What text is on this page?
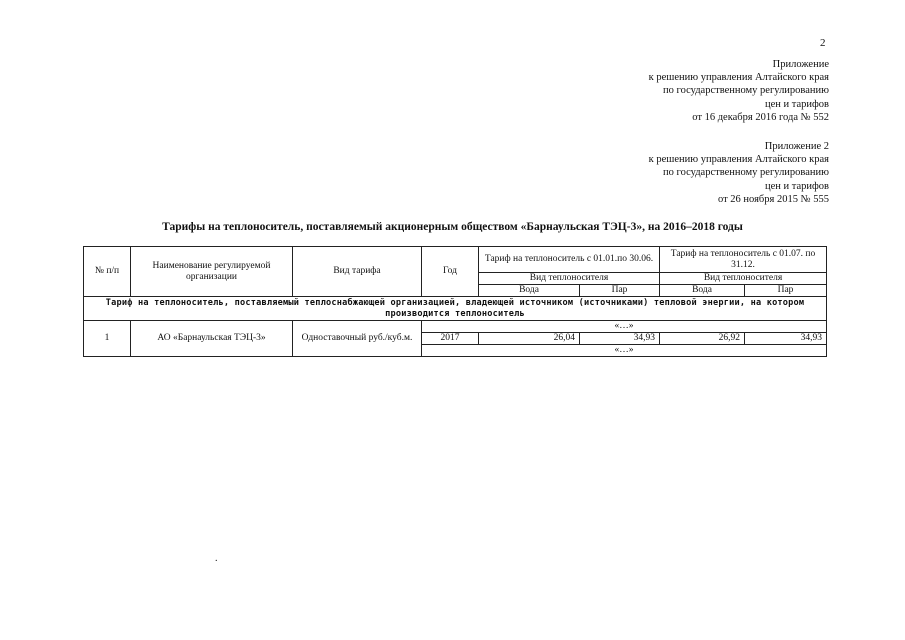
2
Приложение
к решению управления Алтайского края
по государственному регулированию
цен и тарифов
от 16 декабря 2016 года № 552
Приложение 2
к решению управления Алтайского края
по государственному регулированию
цен и тарифов
от 26 ноября 2015 № 555
Тарифы на теплоноситель, поставляемый акционерным обществом «Барнаульская ТЭЦ-3», на 2016–2018 годы
№ п/п	Наименование регулируемой организации	Вид тарифа	Год	Тариф на теплоноситель с 01.01.по 30.06.		Тариф на теплоноситель с 01.07. по 31.12.	
				Вид теплоносителя		Вид теплоносителя	
				Вода	Пар	Вода	Пар
Тариф на теплоноситель, поставляемый теплоснабжающей организацией, владеющей источником (источниками) тепловой энергии, на котором производится теплоноситель							
1	АО «Барнаульская ТЭЦ-3»	Одноставочный руб./куб.м.	«…»				
			2017	26,04	34,93	26,92	34,93
			«…»				
.
